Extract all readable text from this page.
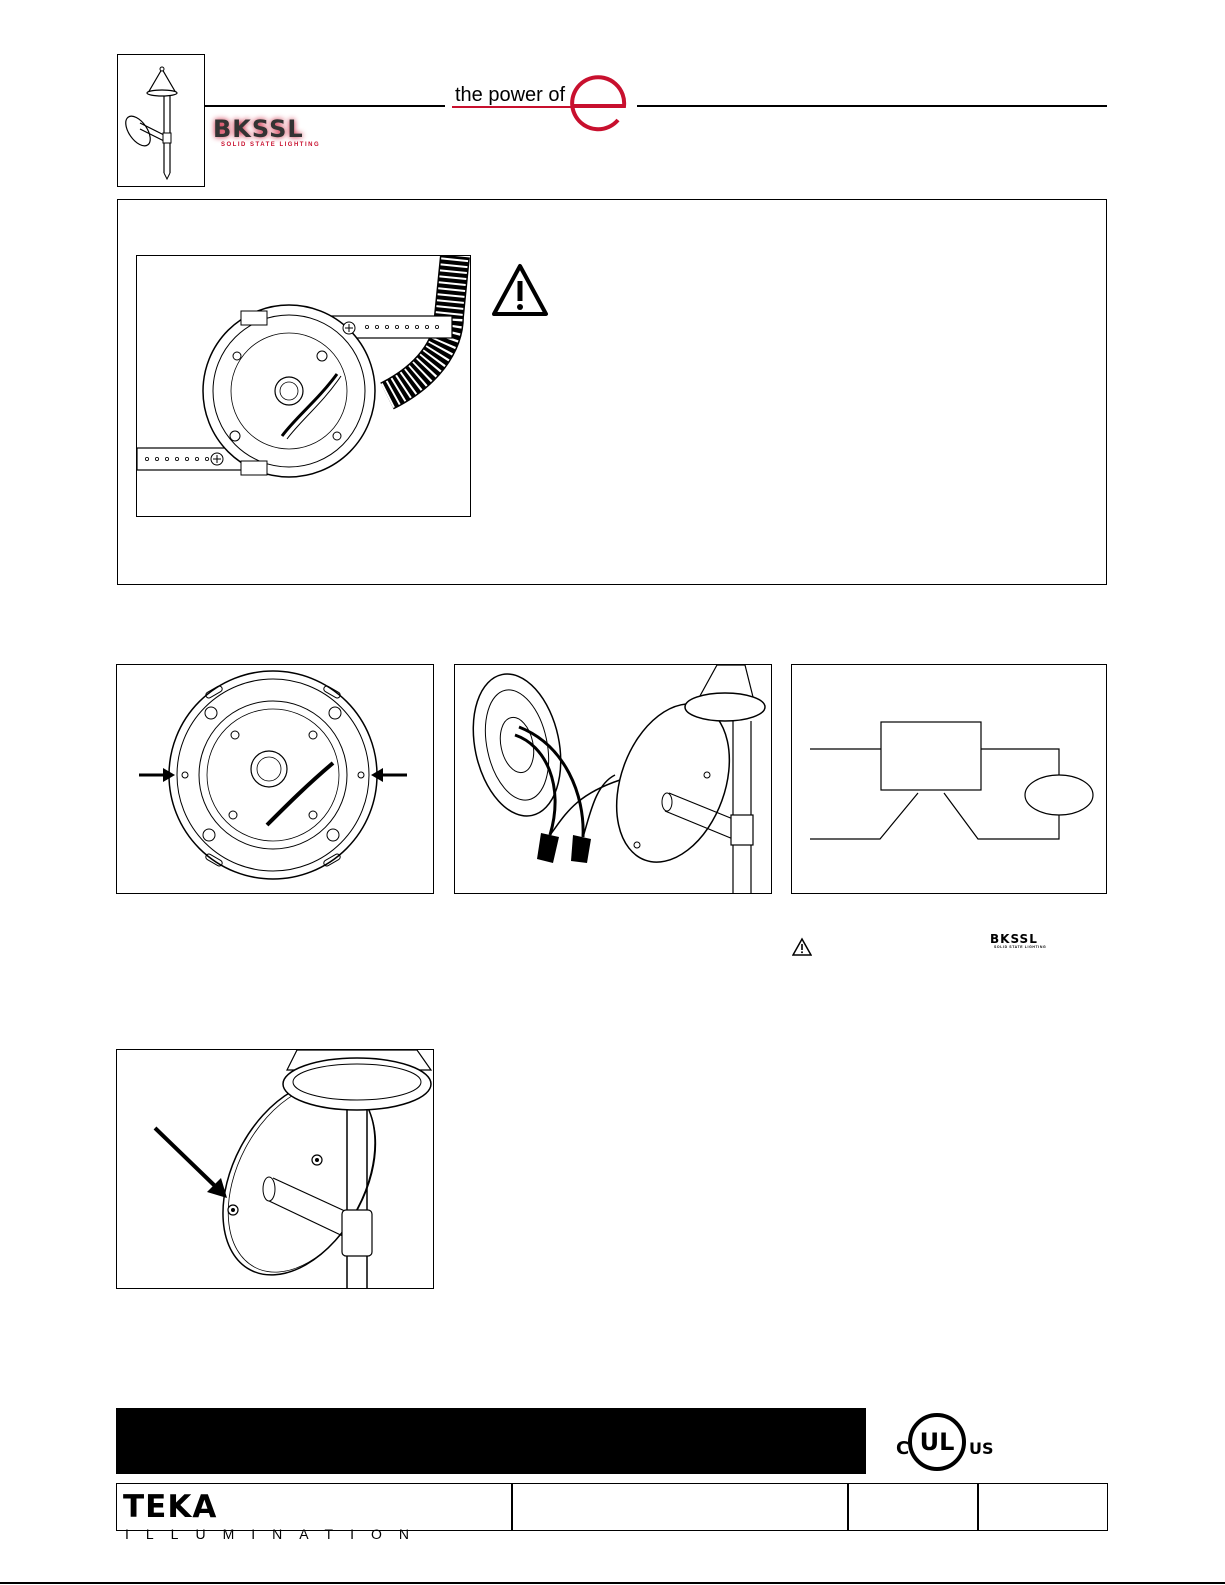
the power of
BKSSL
SOLID STATE LIGHTING
BKSSL
SOLID STATE LIGHTING
UL
C	US
TEKA ILLUMINATION
